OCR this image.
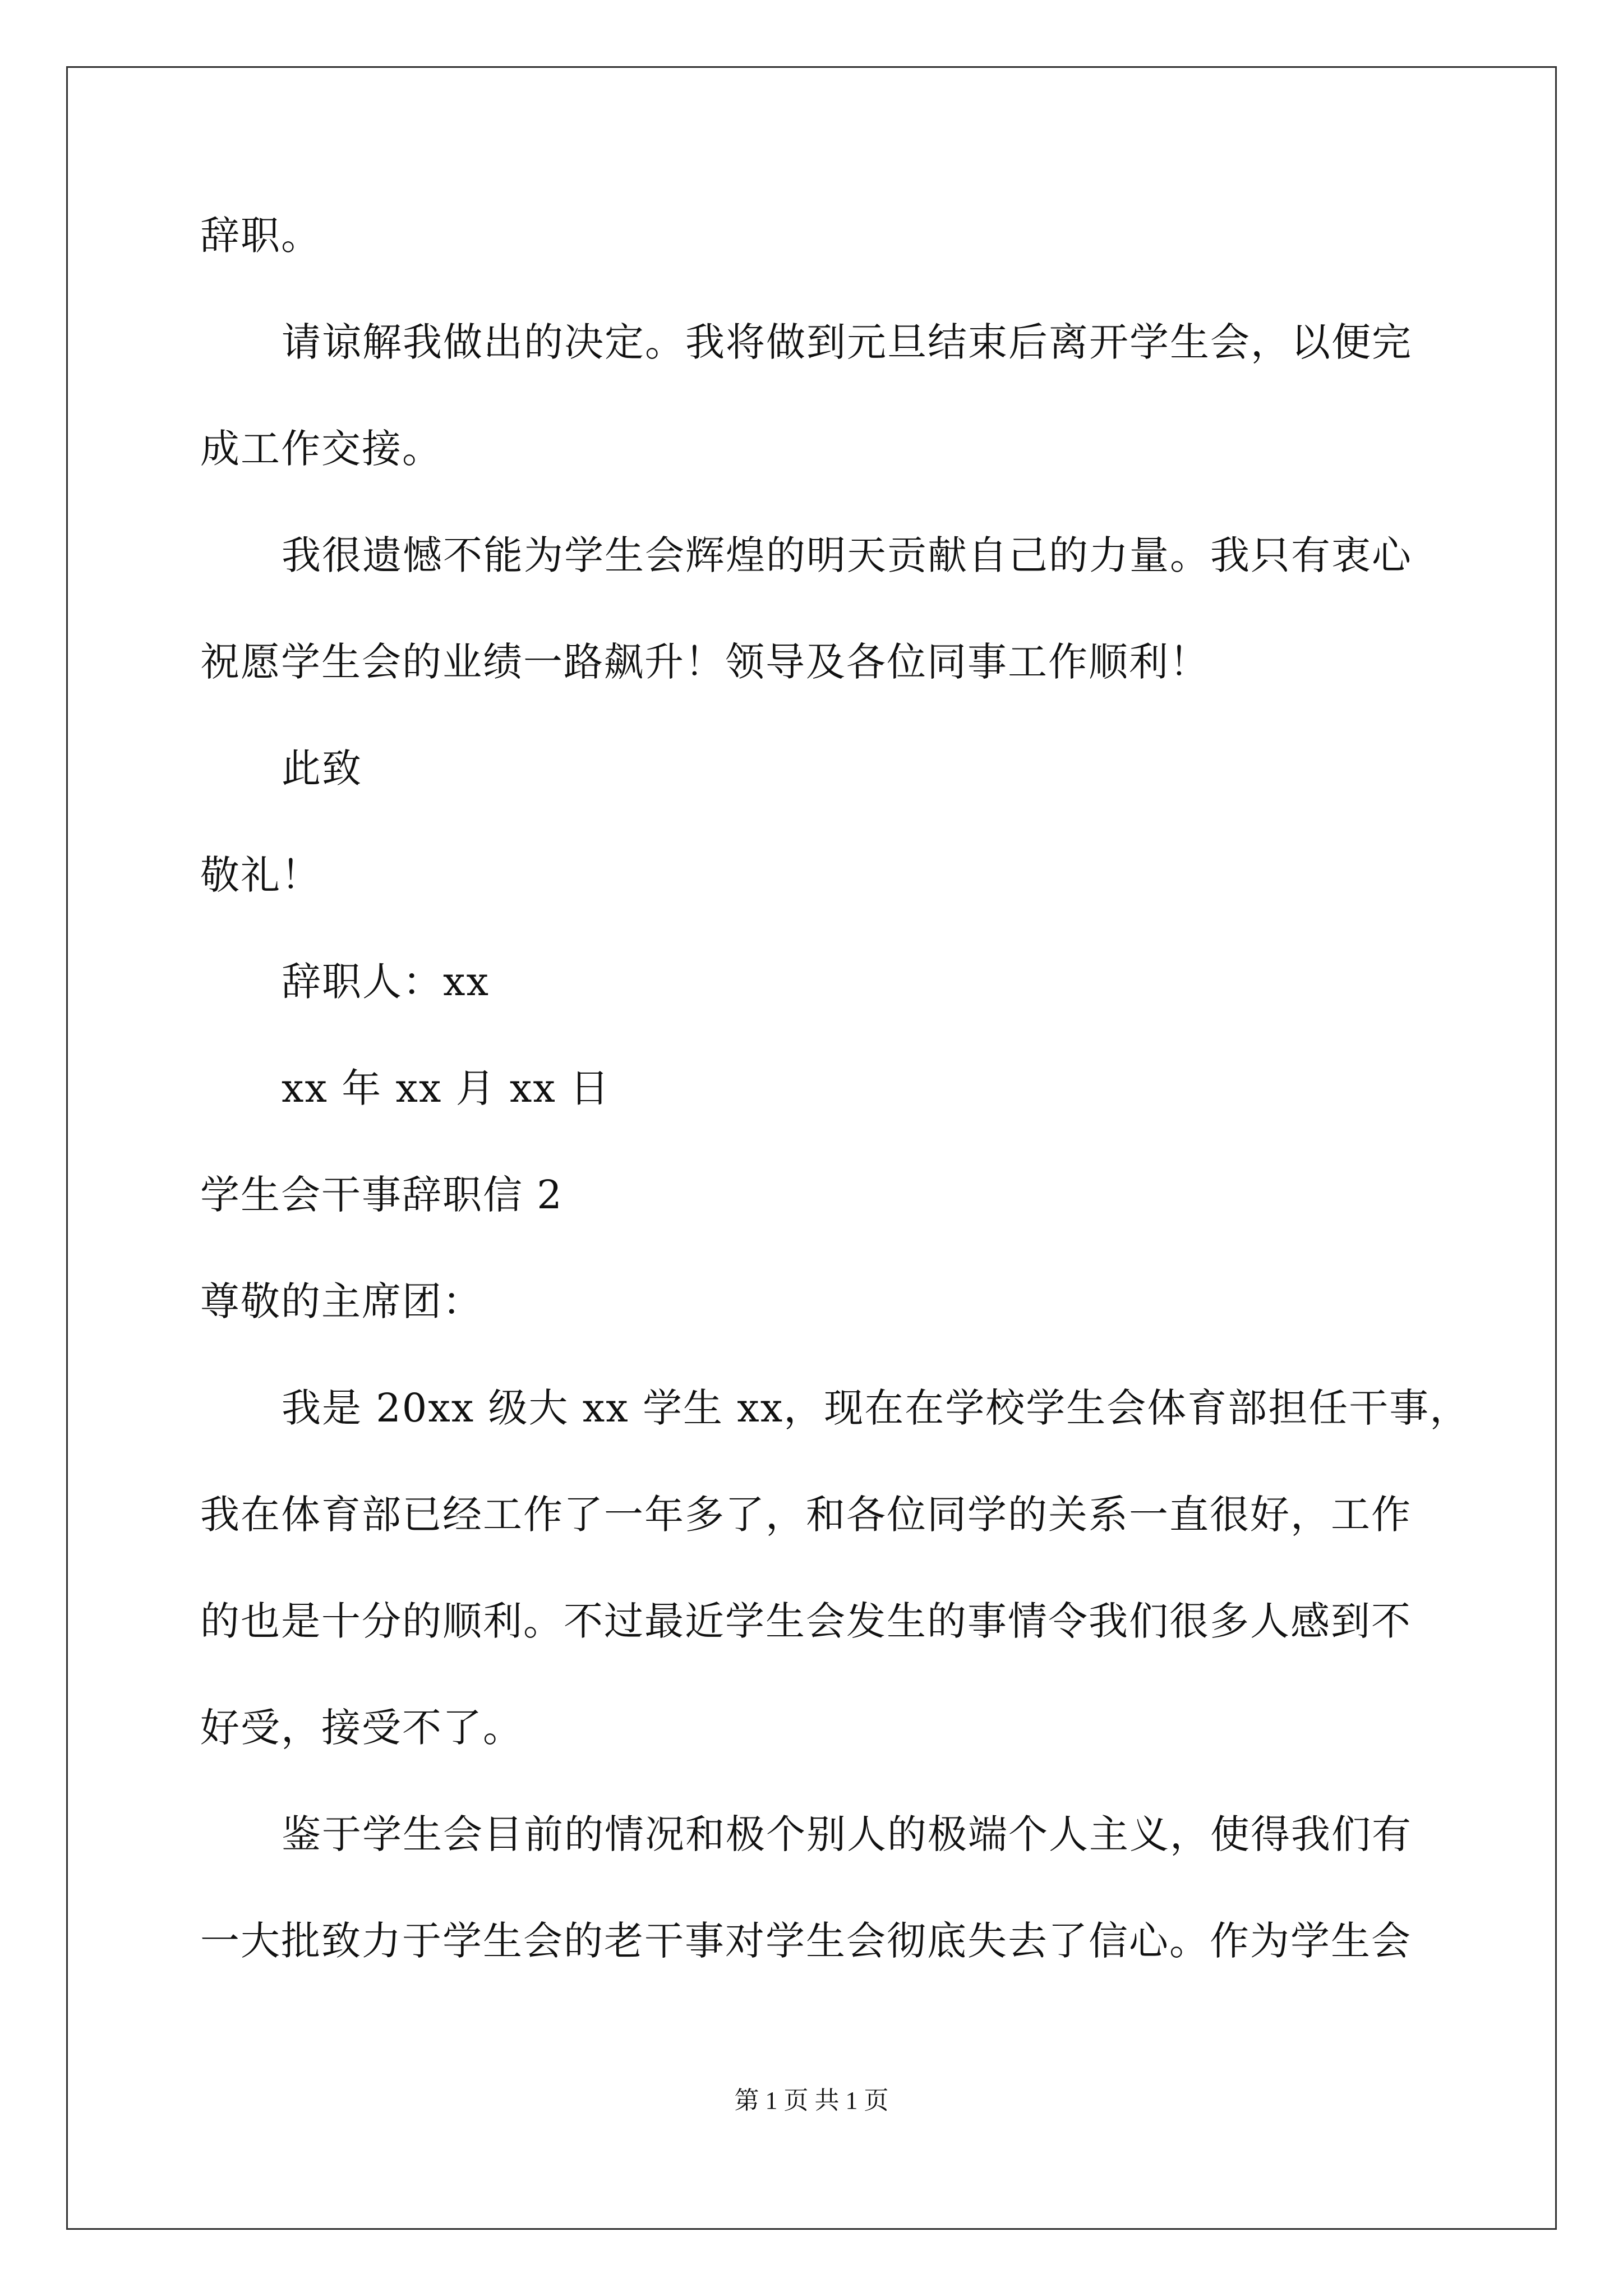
辞职。
请谅解我做出的决定。我将做到元旦结束后离开学生会，以便完
成工作交接。
我很遗憾不能为学生会辉煌的明天贡献自己的力量。我只有衷心
祝愿学生会的业绩一路飙升！领导及各位同事工作顺利！
此致
敬礼！
辞职人：xx
xx 年 xx 月 xx 日
学生会干事辞职信 2
尊敬的主席团：
我是 20xx 级大 xx 学生 xx，现在在学校学生会体育部担任干事，
我在体育部已经工作了一年多了，和各位同学的关系一直很好，工作
的也是十分的顺利。不过最近学生会发生的事情令我们很多人感到不
好受，接受不了。
鉴于学生会目前的情况和极个别人的极端个人主义，使得我们有
一大批致力于学生会的老干事对学生会彻底失去了信心。作为学生会
第 1 页 共 1 页
